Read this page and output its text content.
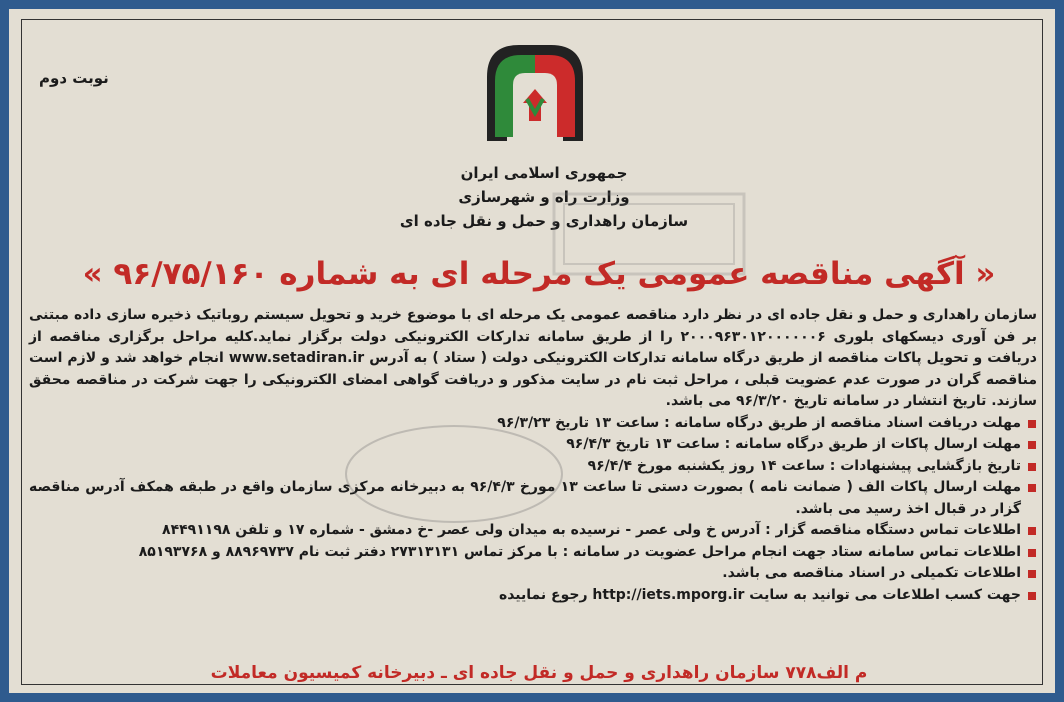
نوبت دوم
جمهوری اسلامی ایران
وزارت راه و شهرسازی
سازمان راهداری و حمل و نقل جاده ای
« آگهی مناقصه عمومی یک مرحله ای به شماره ۹۶/۷۵/۱۶۰ »

سازمان راهداری و حمل و نقل جاده ای در نظر دارد مناقصه عمومی یک مرحله ای با موضوع خرید و تحویل سیستم روباتیک ذخیره سازی داده مبتنی بر فن آوری دیسکهای بلوری ۲۰۰۰۹۶۳۰۱۲۰۰۰۰۰۰۶ را از طریق سامانه تدارکات الکترونیکی دولت برگزار نماید.کلیه مراحل برگزاری مناقصه از دریافت و تحویل پاکات مناقصه از طریق درگاه سامانه تدارکات الکترونیکی دولت ( ستاد ) به آدرس www.setadiran.ir انجام خواهد شد و لازم است مناقصه گران در صورت عدم عضویت قبلی ، مراحل ثبت نام در سایت مذکور و دریافت گواهی امضای الکترونیکی را جهت شرکت در مناقصه محقق سازند. تاریخ انتشار در سامانه تاریخ ۹۶/۳/۲۰ می باشد.

مهلت دریافت اسناد مناقصه از طریق درگاه سامانه : ساعت ۱۳ تاریخ ۹۶/۳/۲۳
مهلت ارسال پاکات از طریق درگاه سامانه : ساعت ۱۳ تاریخ ۹۶/۴/۳
تاریخ بازگشایی پیشنهادات : ساعت ۱۴ روز یکشنبه مورخ ۹۶/۴/۴
مهلت ارسال پاکات الف ( ضمانت نامه ) بصورت دستی تا ساعت ۱۳ مورخ ۹۶/۴/۳ به دبیرخانه مرکزی سازمان واقع در طبقه همکف آدرس مناقصه گزار در قبال اخذ رسید می باشد.
اطلاعات تماس دستگاه مناقصه گزار : آدرس خ ولی عصر - نرسیده به میدان ولی عصر -خ دمشق - شماره ۱۷ و تلفن ۸۴۴۹۱۱۹۸
اطلاعات تماس سامانه ستاد جهت انجام مراحل عضویت در سامانه : با مرکز تماس ۲۷۳۱۳۱۳۱ دفتر ثبت نام ۸۸۹۶۹۷۳۷ و ۸۵۱۹۳۷۶۸
اطلاعات تکمیلی در اسناد مناقصه می باشد.
جهت کسب اطلاعات می توانید به سایت http://iets.mporg.ir رجوع نماییده
م الف۷۷۸ سازمان راهداری و حمل و نقل جاده ای ـ دبیرخانه کمیسیون معاملات
